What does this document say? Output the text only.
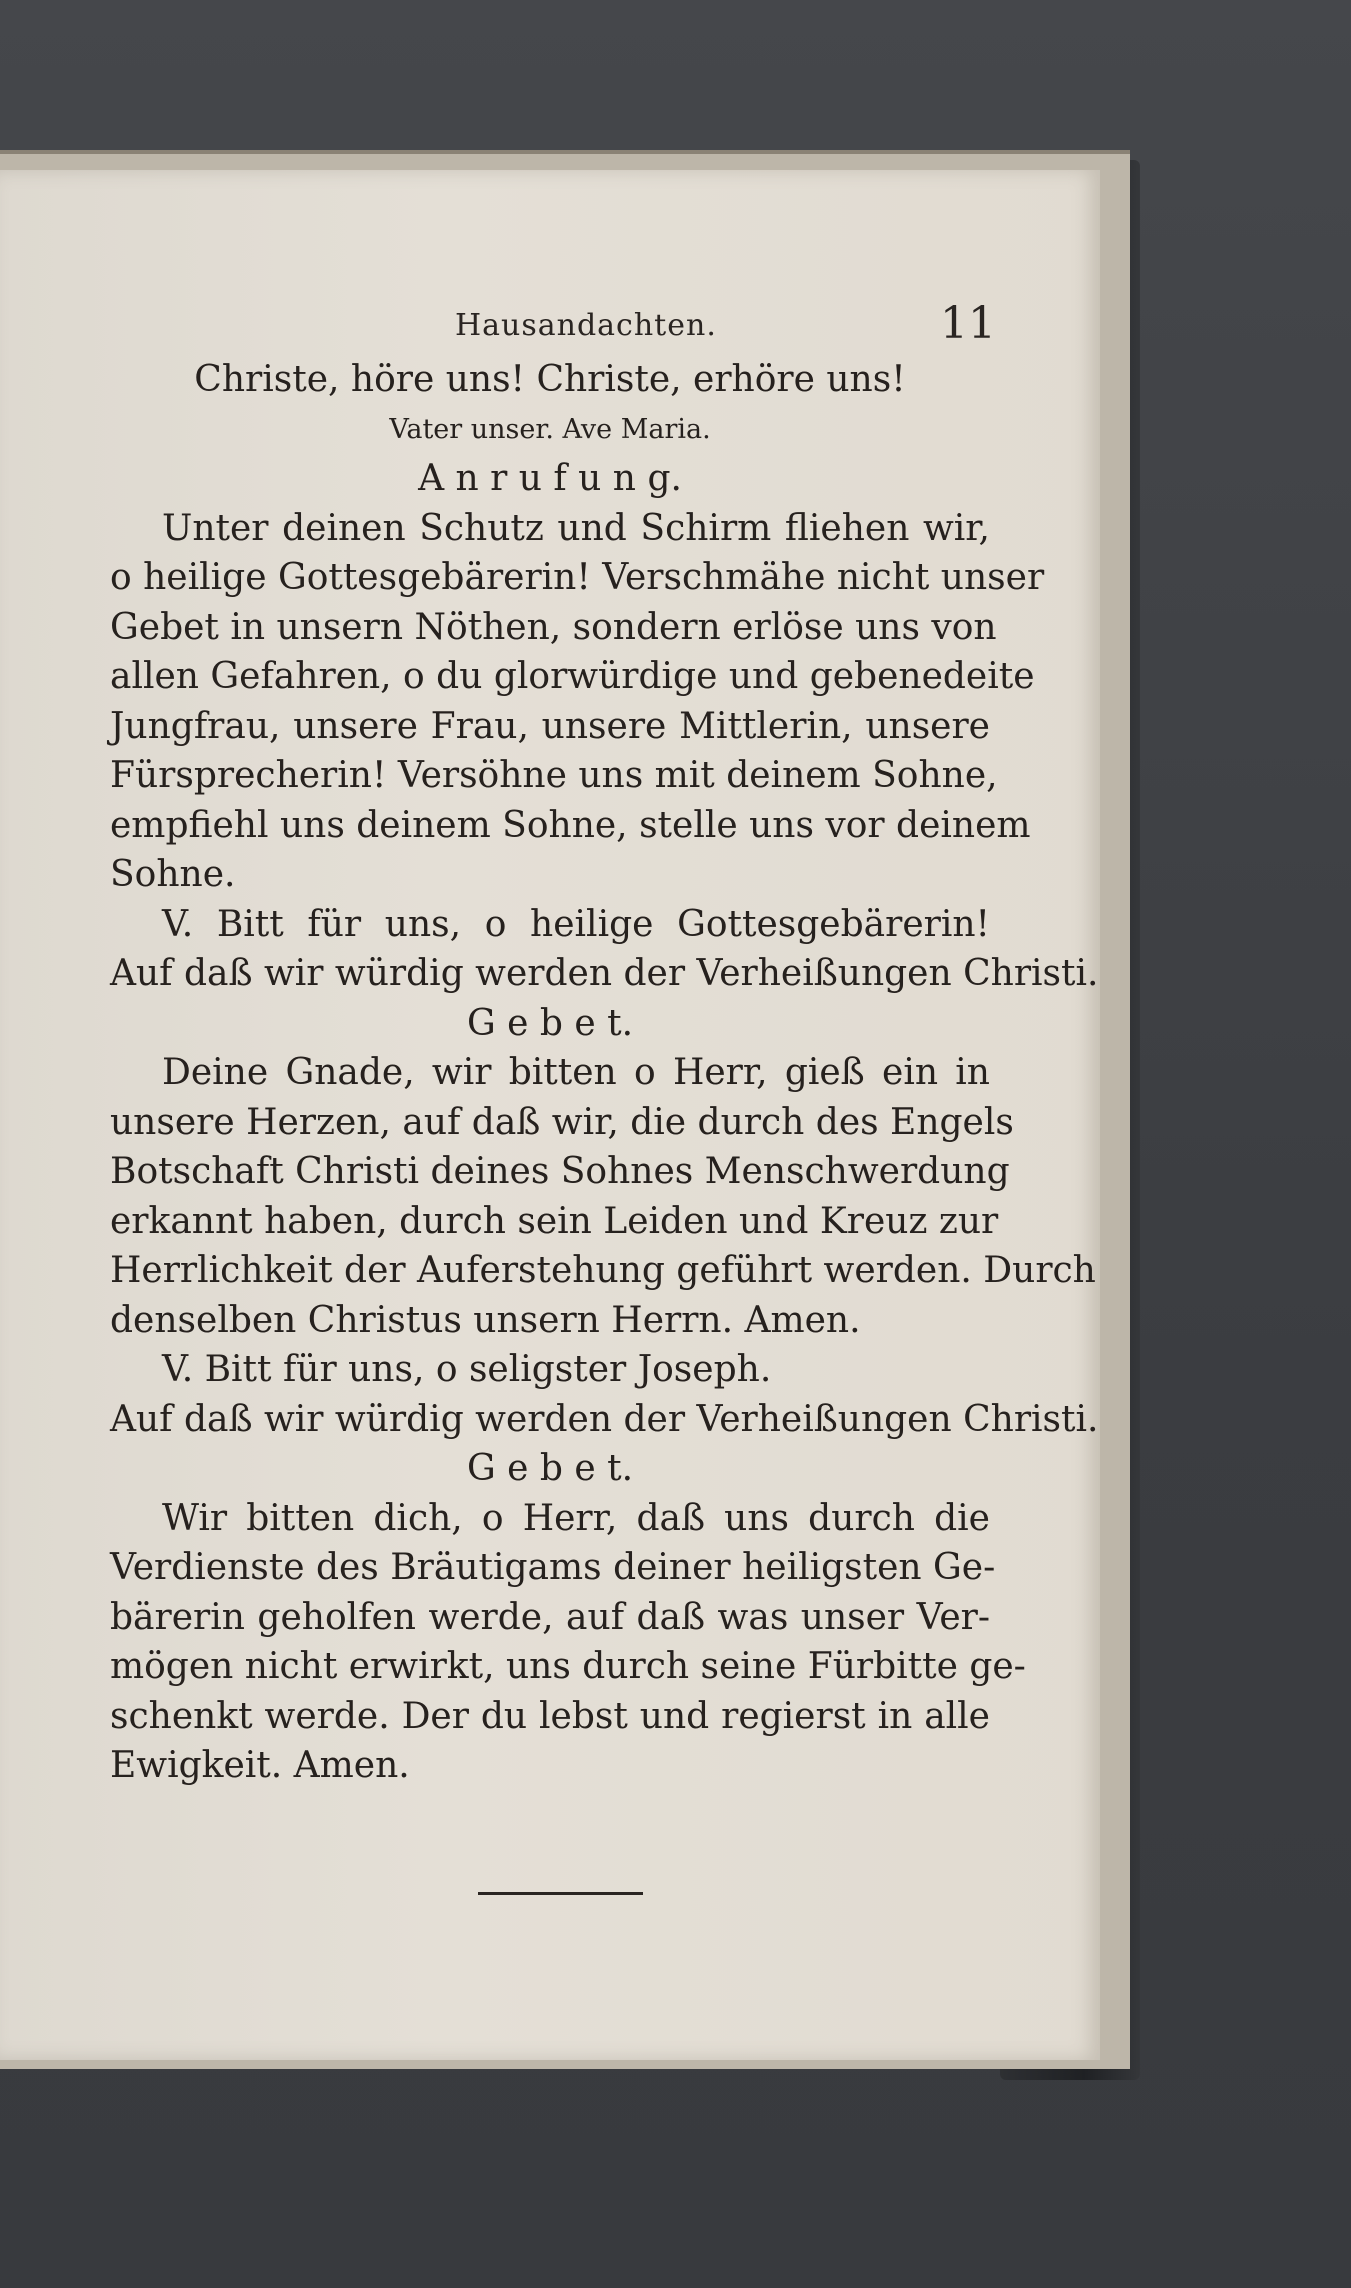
Hausandachten.	11
Christe, höre uns! Christe, erhöre uns!
Vater unser. Ave Maria.
A n r u f u n g.
Unter deinen Schutz und Schirm fliehen wir,
o heilige Gottesgebärerin! Verschmähe nicht unser
Gebet in unsern Nöthen, sondern erlöse uns von
allen Gefahren, o du glorwürdige und gebenedeite
Jungfrau, unsere Frau, unsere Mittlerin, unsere
Fürsprecherin! Versöhne uns mit deinem Sohne,
empfiehl uns deinem Sohne, stelle uns vor deinem
Sohne.
V. Bitt für uns, o heilige Gottesgebärerin!
Auf daß wir würdig werden der Verheißungen Christi.
G e b e t.
Deine Gnade, wir bitten o Herr, gieß ein in
unsere Herzen, auf daß wir, die durch des Engels
Botschaft Christi deines Sohnes Menschwerdung
erkannt haben, durch sein Leiden und Kreuz zur
Herrlichkeit der Auferstehung geführt werden. Durch
denselben Christus unsern Herrn. Amen.
V. Bitt für uns, o seligster Joseph.
Auf daß wir würdig werden der Verheißungen Christi.
G e b e t.
Wir bitten dich, o Herr, daß uns durch die
Verdienste des Bräutigams deiner heiligsten Ge-
bärerin geholfen werde, auf daß was unser Ver-
mögen nicht erwirkt, uns durch seine Fürbitte ge-
schenkt werde. Der du lebst und regierst in alle
Ewigkeit. Amen.
